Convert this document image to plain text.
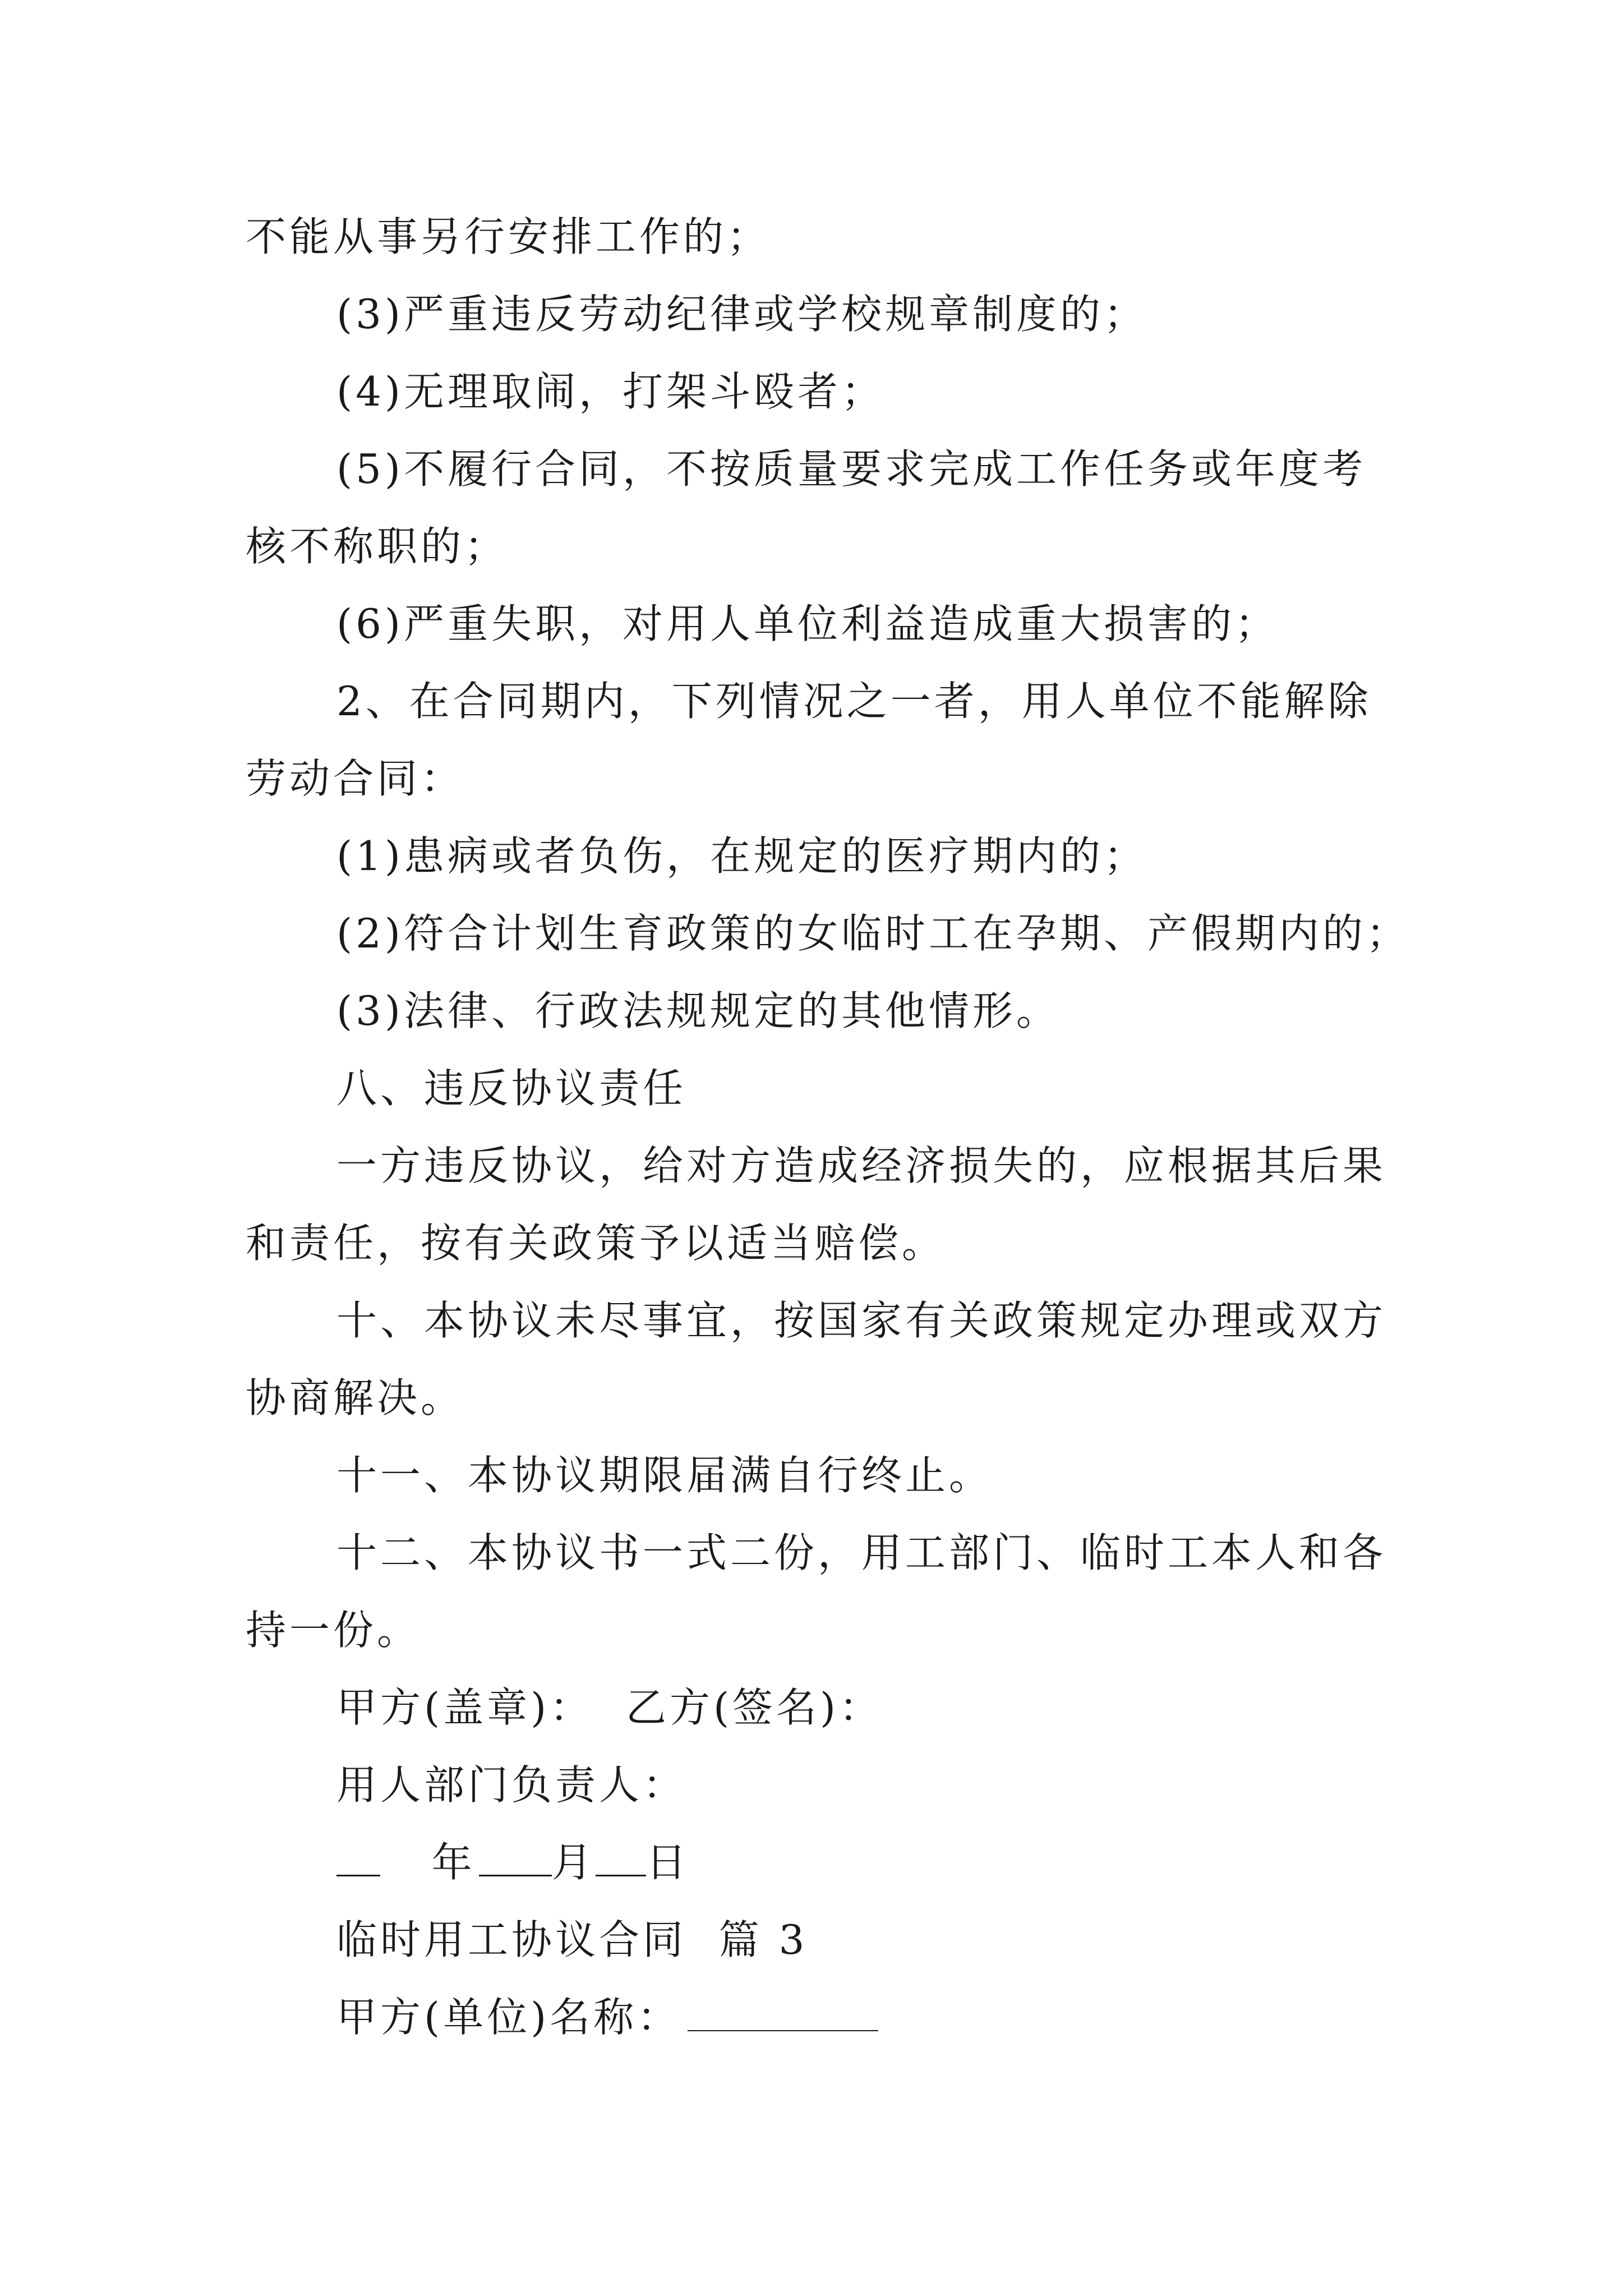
不能从事另行安排工作的；
(3)严重违反劳动纪律或学校规章制度的；
(4)无理取闹，打架斗殴者；
(5)不履行合同，不按质量要求完成工作任务或年度考
核不称职的；
(6)严重失职，对用人单位利益造成重大损害的；
2、在合同期内，下列情况之一者，用人单位不能解除
劳动合同：
(1)患病或者负伤，在规定的医疗期内的；
(2)符合计划生育政策的女临时工在孕期、产假期内的；
(3)法律、行政法规规定的其他情形。
八、违反协议责任
一方违反协议，给对方造成经济损失的，应根据其后果
和责任，按有关政策予以适当赔偿。
十、本协议未尽事宜，按国家有关政策规定办理或双方
协商解决。
十一、本协议期限届满自行终止。
十二、本协议书一式二份，用工部门、临时工本人和各
持一份。
甲方(盖章)：  乙方(签名)：
用人部门负责人：
年 月 日
临时用工协议合同  篇 3
甲方(单位)名称：
